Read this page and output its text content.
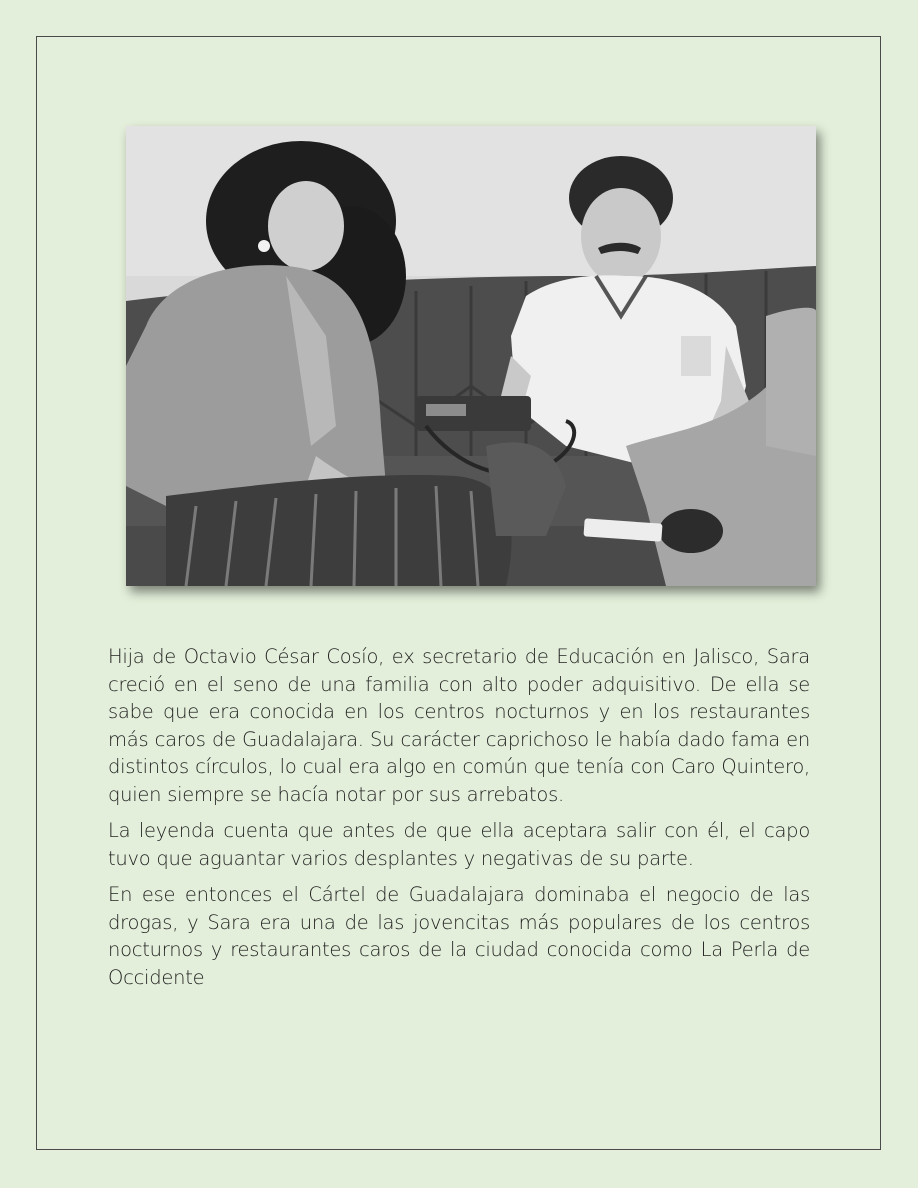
Hija de Octavio César Cosío, ex secretario de Educación en Jalisco, Sara creció en el seno de una familia con alto poder adquisitivo. De ella se sabe que era conocida en los centros nocturnos y en los restaurantes más caros de Guadalajara. Su carácter caprichoso le había dado fama en distintos círculos, lo cual era algo en común que tenía con Caro Quintero, quien siempre se hacía notar por sus arrebatos.

La leyenda cuenta que antes de que ella aceptara salir con él, el capo tuvo que aguantar varios desplantes y negativas de su parte.

En ese entonces el Cártel de Guadalajara dominaba el negocio de las drogas, y Sara era una de las jovencitas más populares de los centros nocturnos y restaurantes caros de la ciudad conocida como La Perla de Occidente
